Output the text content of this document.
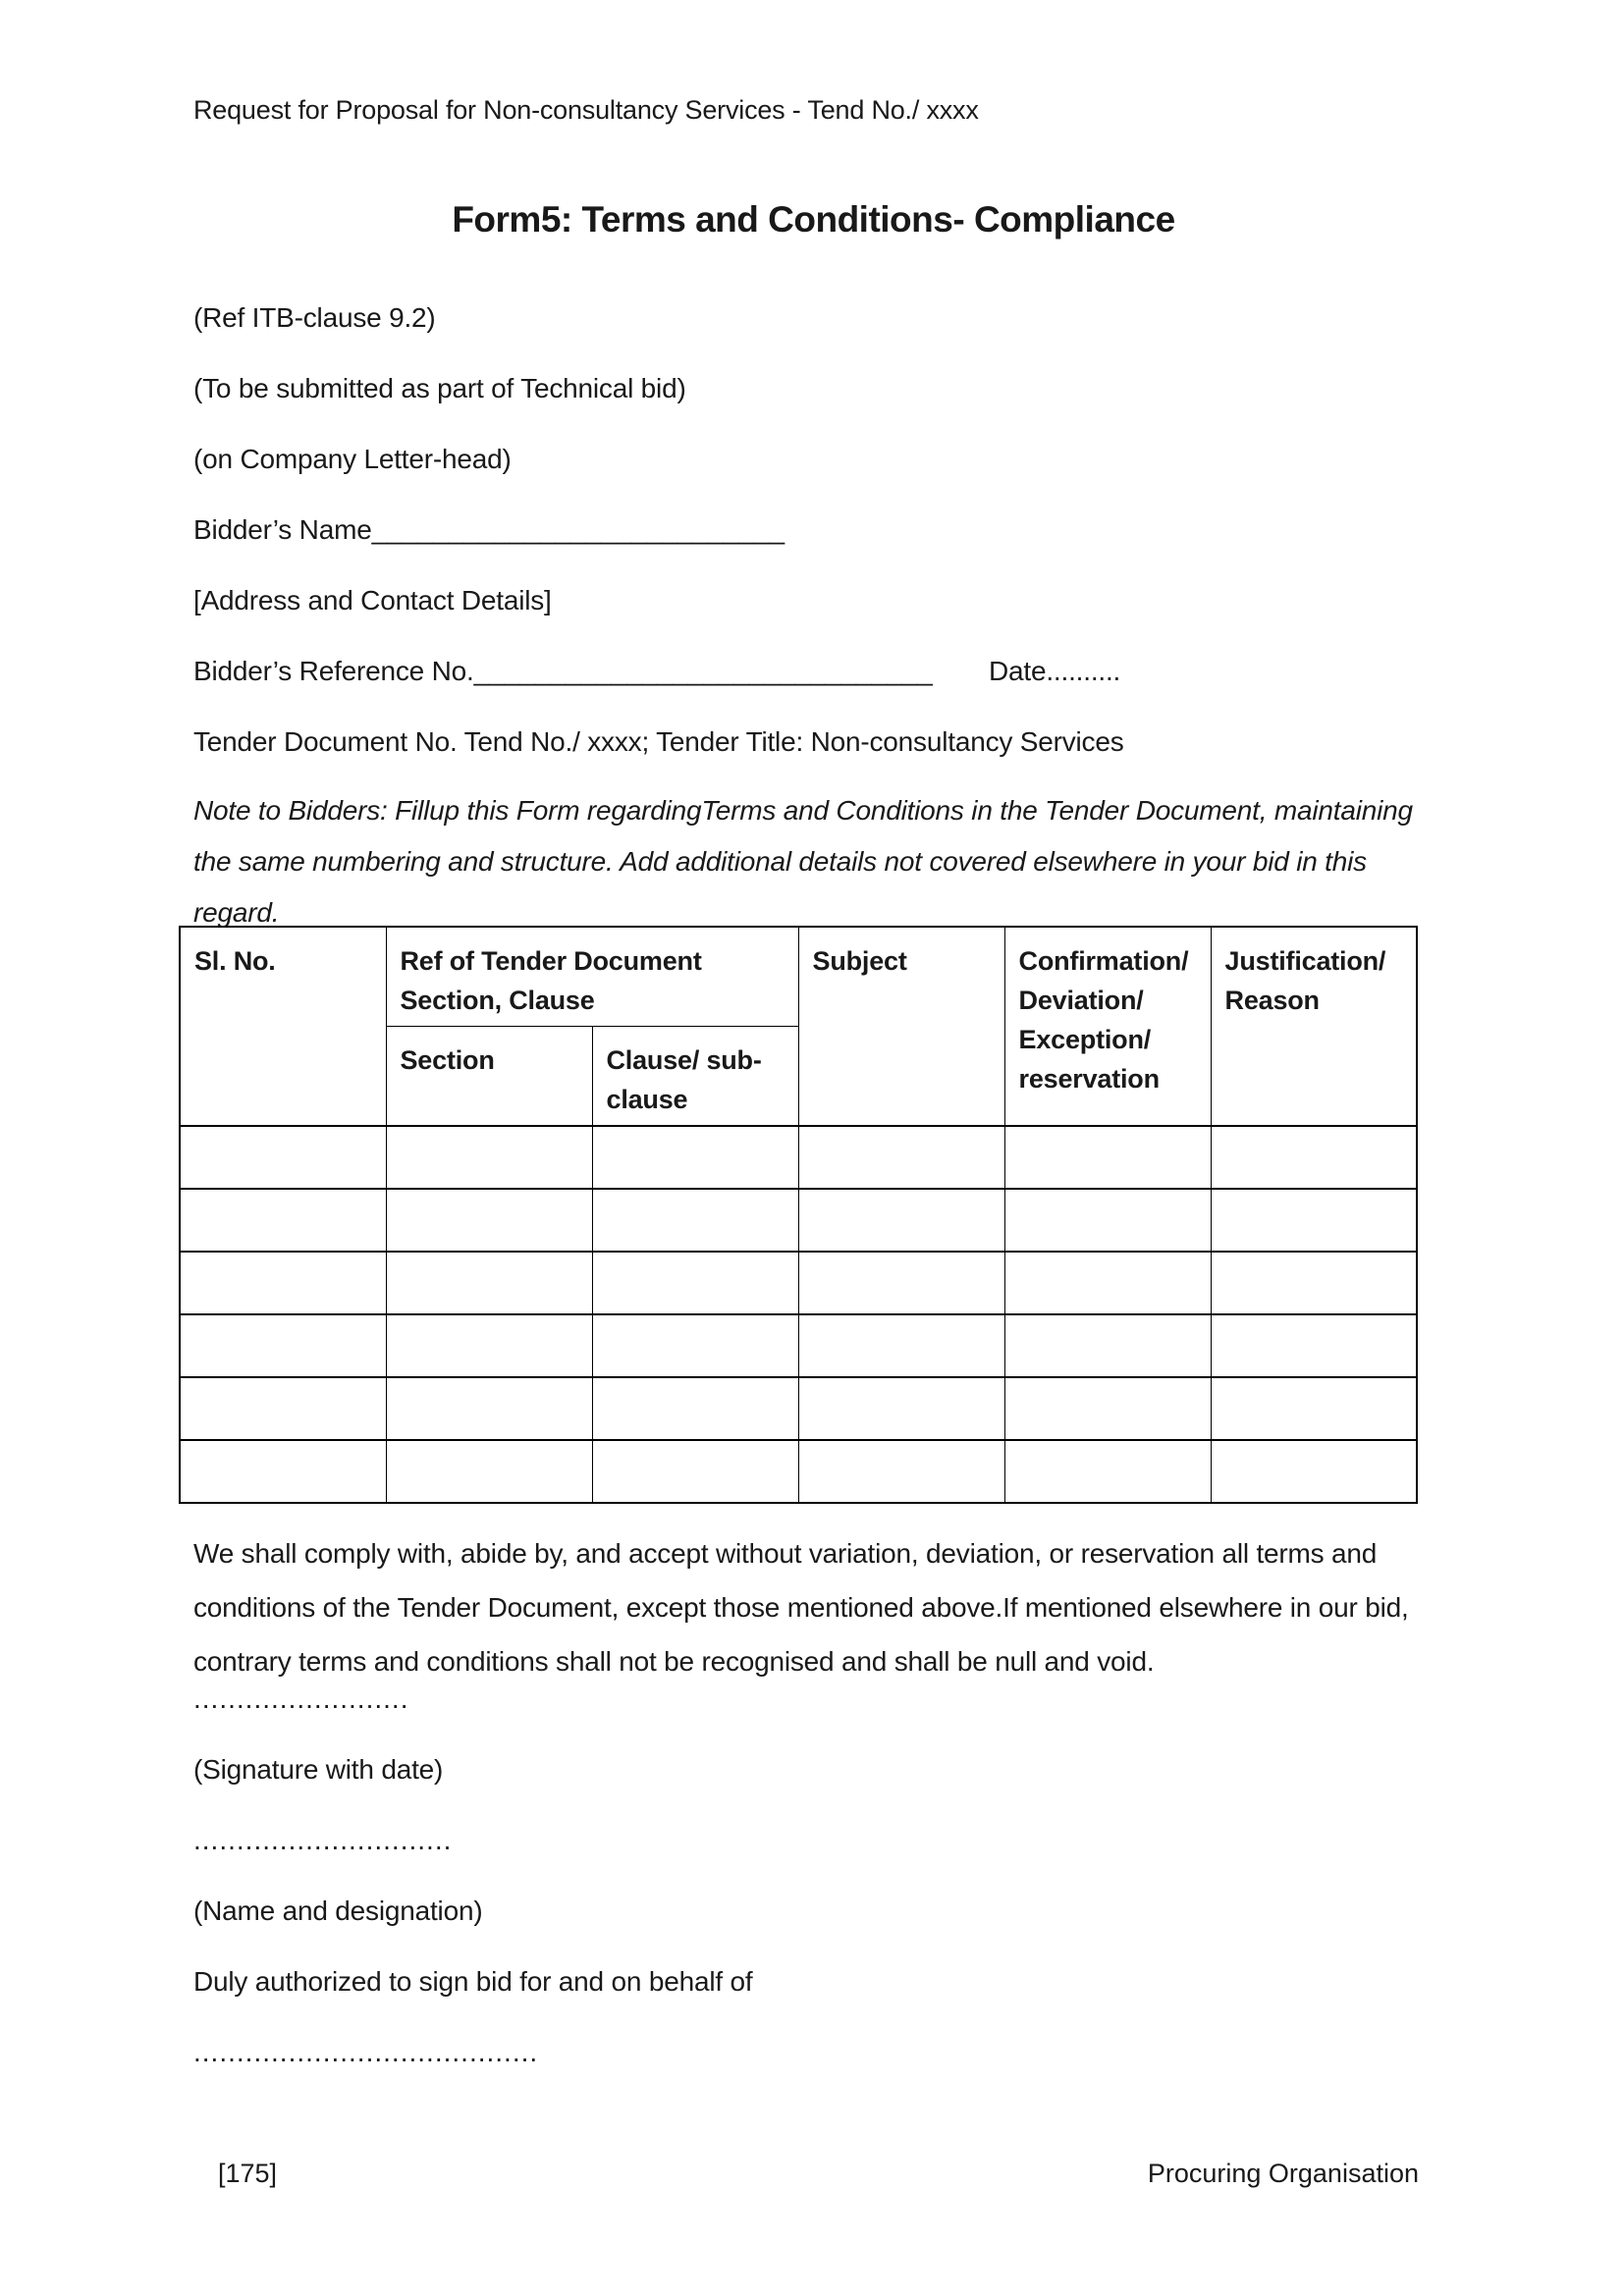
Request for Proposal for Non-consultancy Services - Tend No./ xxxx
Form5: Terms and Conditions- Compliance

(Ref ITB-clause 9.2)

(To be submitted as part of Technical bid)

(on Company Letter-head)

Bidder’s Name___________________________

[Address and Contact Details]

Bidder’s Reference No.______________________________ Date..........

Tender Document No. Tend No./ xxxx; Tender Title: Non-consultancy Services

Note to Bidders: Fillup this Form regardingTerms and Conditions in the Tender Document, maintaining the same numbering and structure. Add additional details not covered elsewhere in your bid in this regard.

Sl. No.	Ref of Tender Document Section, Clause		Subject	Confirmation/ Deviation/ Exception/ reservation	Justification/ Reason
	Section	Clause/ sub-clause			

We shall comply with, abide by, and accept without variation, deviation, or reservation all terms and conditions of the Tender Document, except those mentioned above.If mentioned elsewhere in our bid, contrary terms and conditions shall not be recognised and shall be null and void.

.........................

(Signature with date)

..............................

(Name and designation)

Duly authorized to sign bid for and on behalf of

........................................

[175]	Procuring Organisation
